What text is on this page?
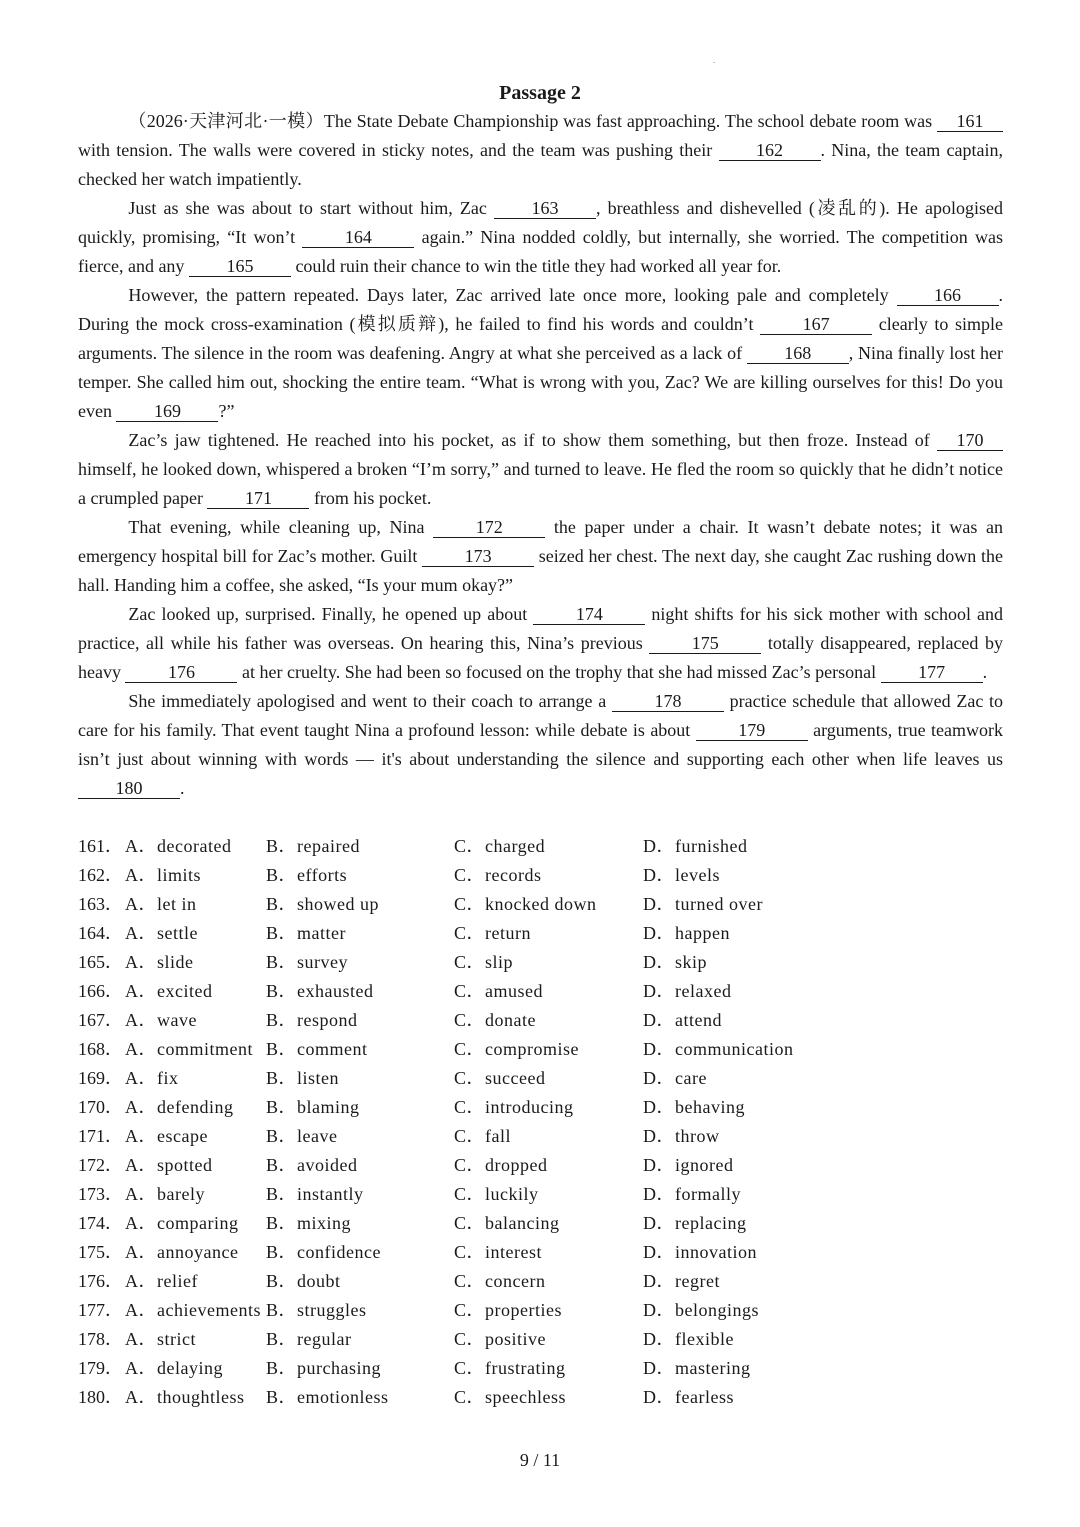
.
Passage 2

（2026·天津河北·一模）The State Debate Championship was fast approaching. The school debate room was 161 with tension. The walls were covered in sticky notes, and the team was pushing their 162 . Nina, the team captain, checked her watch impatiently.

Just as she was about to start without him, Zac 163 , breathless and dishevelled (凌乱的). He apologised quickly, promising, “It won’t 164 again.” Nina nodded coldly, but internally, she worried. The competition was fierce, and any 165 could ruin their chance to win the title they had worked all year for.

However, the pattern repeated. Days later, Zac arrived late once more, looking pale and completely 166 . During the mock cross-examination (模拟质辩), he failed to find his words and couldn’t 167 clearly to simple arguments. The silence in the room was deafening. Angry at what she perceived as a lack of 168 , Nina finally lost her temper. She called him out, shocking the entire team. “What is wrong with you, Zac? We are killing ourselves for this! Do you even 169 ?”

Zac’s jaw tightened. He reached into his pocket, as if to show them something, but then froze. Instead of 170 himself, he looked down, whispered a broken “I’m sorry,” and turned to leave. He fled the room so quickly that he didn’t notice a crumpled paper 171 from his pocket.

That evening, while cleaning up, Nina 172 the paper under a chair. It wasn’t debate notes; it was an emergency hospital bill for Zac’s mother. Guilt 173 seized her chest. The next day, she caught Zac rushing down the hall. Handing him a coffee, she asked, “Is your mum okay?”

Zac looked up, surprised. Finally, he opened up about 174 night shifts for his sick mother with school and practice, all while his father was overseas. On hearing this, Nina’s previous 175 totally disappeared, replaced by heavy 176 at her cruelty. She had been so focused on the trophy that she had missed Zac’s personal 177 .

She immediately apologised and went to their coach to arrange a 178 practice schedule that allowed Zac to care for his family. That event taught Nina a profound lesson: while debate is about 179 arguments, true teamwork isn’t just about winning with words — it's about understanding the silence and supporting each other when life leaves us 180 .

161． A．decorated B．repaired	C．charged	D．furnished
162． A．limits	B．efforts	C．records	D．levels
163． A．let in	B．showed up	C．knocked down	D．turned over
164． A．settle	B．matter	C．return	D．happen
165． A．slide	B．survey	C．slip	D．skip
166． A．excited	B．exhausted	C．amused	D．relaxed
167． A．wave	B．respond	C．donate	D．attend
168． A．commitment B．comment	C．compromise	D．communication
169． A．fix	B．listen	C．succeed	D．care
170． A．defending B．blaming	C．introducing	D．behaving
171． A．escape	B．leave	C．fall	D．throw
172． A．spotted	B．avoided	C．dropped	D．ignored
173． A．barely	B．instantly	C．luckily	D．formally
174． A．comparing B．mixing	C．balancing	D．replacing
175． A．annoyance B．confidence	C．interest	D．innovation
176． A．relief	B．doubt	C．concern	D．regret
177． A．achievements B．struggles	C．properties	D．belongings
178． A．strict	B．regular	C．positive	D．flexible
179． A．delaying B．purchasing	C．frustrating	D．mastering
180． A．thoughtless B．emotionless	C．speechless	D．fearless
9 / 11
